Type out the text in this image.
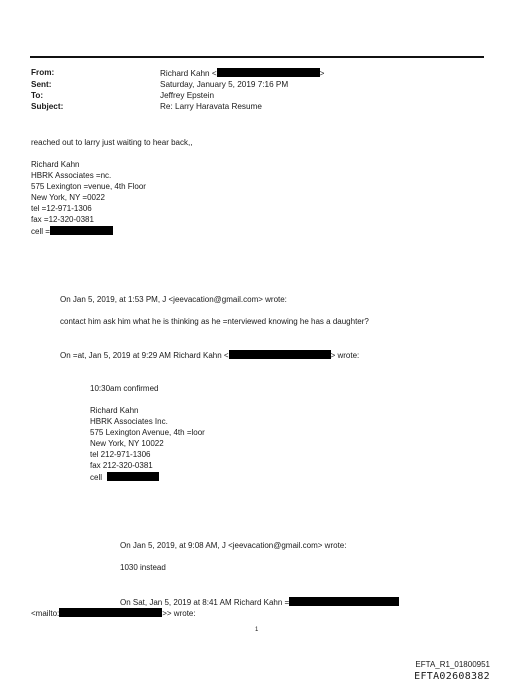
From:	Richard Kahn <	>
Sent:	Saturday, January 5, 2019 7:16 PM
To:	Jeffrey Epstein
Subject:	Re: Larry Haravata Resume
reached out to larry just waiting to hear back,,
Richard Kahn
HBRK Associates =nc.
575 Lexington =venue, 4th Floor
New York, NY =0022
tel =12-971-1306
fax =12-320-0381
cell =
On Jan 5, 2019, at 1:53 PM, J <jeevacation@gmail.com> wrote:
contact him ask him what he is thinking as he =nterviewed knowing he has a daughter?
On =at, Jan 5, 2019 at 9:29 AM Richard Kahn <	> wrote:
10:30am confirmed
Richard Kahn
HBRK Associates Inc.
575 Lexington Avenue, 4th =loor
New York, NY 10022
tel 212-971-1306
fax 212-320-0381
cell
On Jan 5, 2019, at 9:08 AM, J <jeevacation@gmail.com> wrote:
1030 instead
On Sat, Jan 5, 2019 at 8:41 AM Richard Kahn =
<mailto:	>> wrote:
1
EFTA_R1_01800951
EFTA02608382
